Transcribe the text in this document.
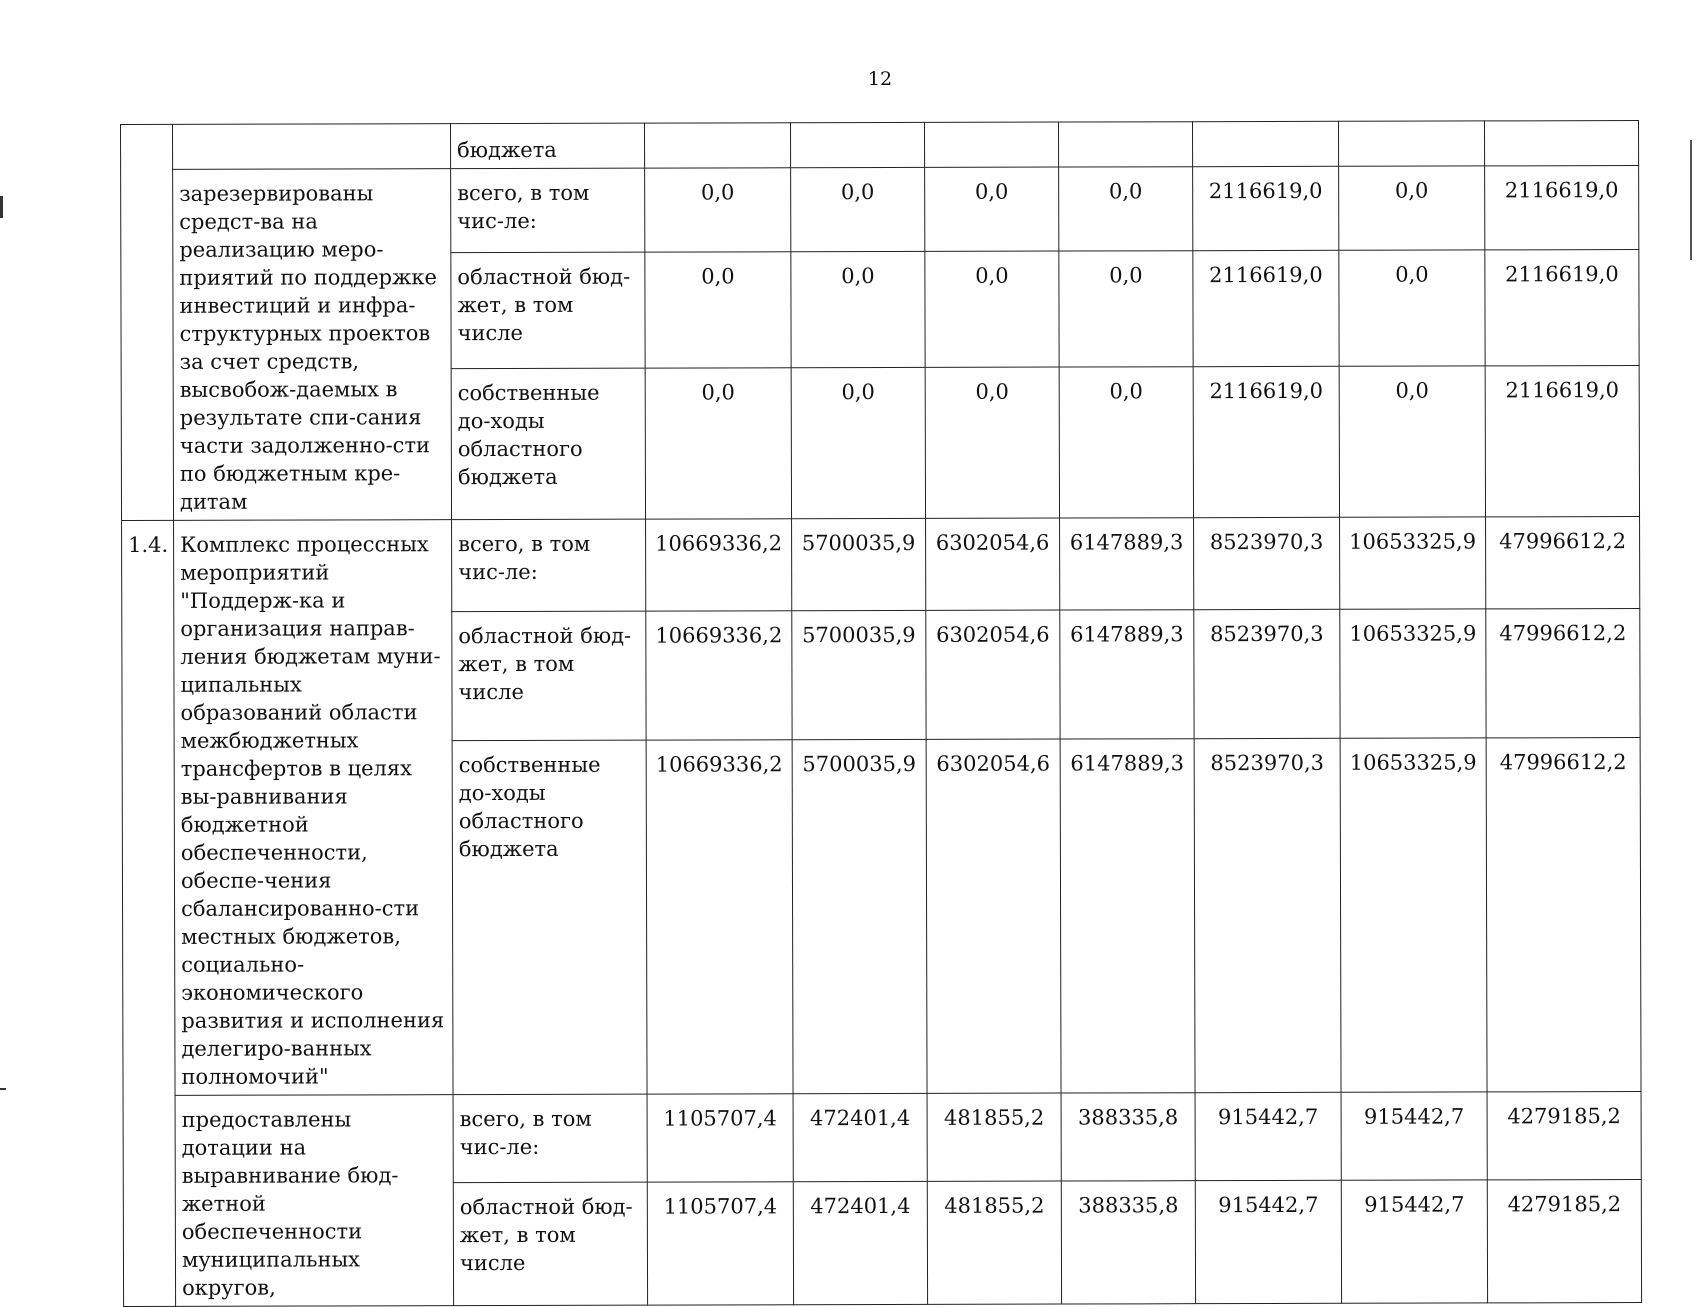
12
		бюджета							
	зарезервированы средст-ва на реализацию меро-приятий по поддержке инвестиций и инфра-структурных проектов за счет средств, высвобож-даемых в результате спи-сания части задолженно-сти по бюджетным кре-дитам	всего, в том чис-ле:	0,0	0,0	0,0	0,0	2116619,0	0,0	2116619,0
		областной бюд-жет, в том числе	0,0	0,0	0,0	0,0	2116619,0	0,0	2116619,0
		собственные до-ходы областного бюджета	0,0	0,0	0,0	0,0	2116619,0	0,0	2116619,0
1.4.	Комплекс процессных мероприятий "Поддерж-ка и организация направ-ления бюджетам муни-ципальных образований области межбюджетных трансфертов в целях вы-равнивания бюджетной обеспеченности, обеспе-чения сбалансированно-сти местных бюджетов, социально-экономического развития и исполнения делегиро-ванных полномочий"	всего, в том чис-ле:	10669336,2	5700035,9	6302054,6	6147889,3	8523970,3	10653325,9	47996612,2
		областной бюд-жет, в том числе	10669336,2	5700035,9	6302054,6	6147889,3	8523970,3	10653325,9	47996612,2
		собственные до-ходы областного бюджета	10669336,2	5700035,9	6302054,6	6147889,3	8523970,3	10653325,9	47996612,2
	предоставлены дотации на выравнивание бюд-жетной обеспеченности муниципальных округов,	всего, в том чис-ле:	1105707,4	472401,4	481855,2	388335,8	915442,7	915442,7	4279185,2
		областной бюд-жет, в том числе	1105707,4	472401,4	481855,2	388335,8	915442,7	915442,7	4279185,2
